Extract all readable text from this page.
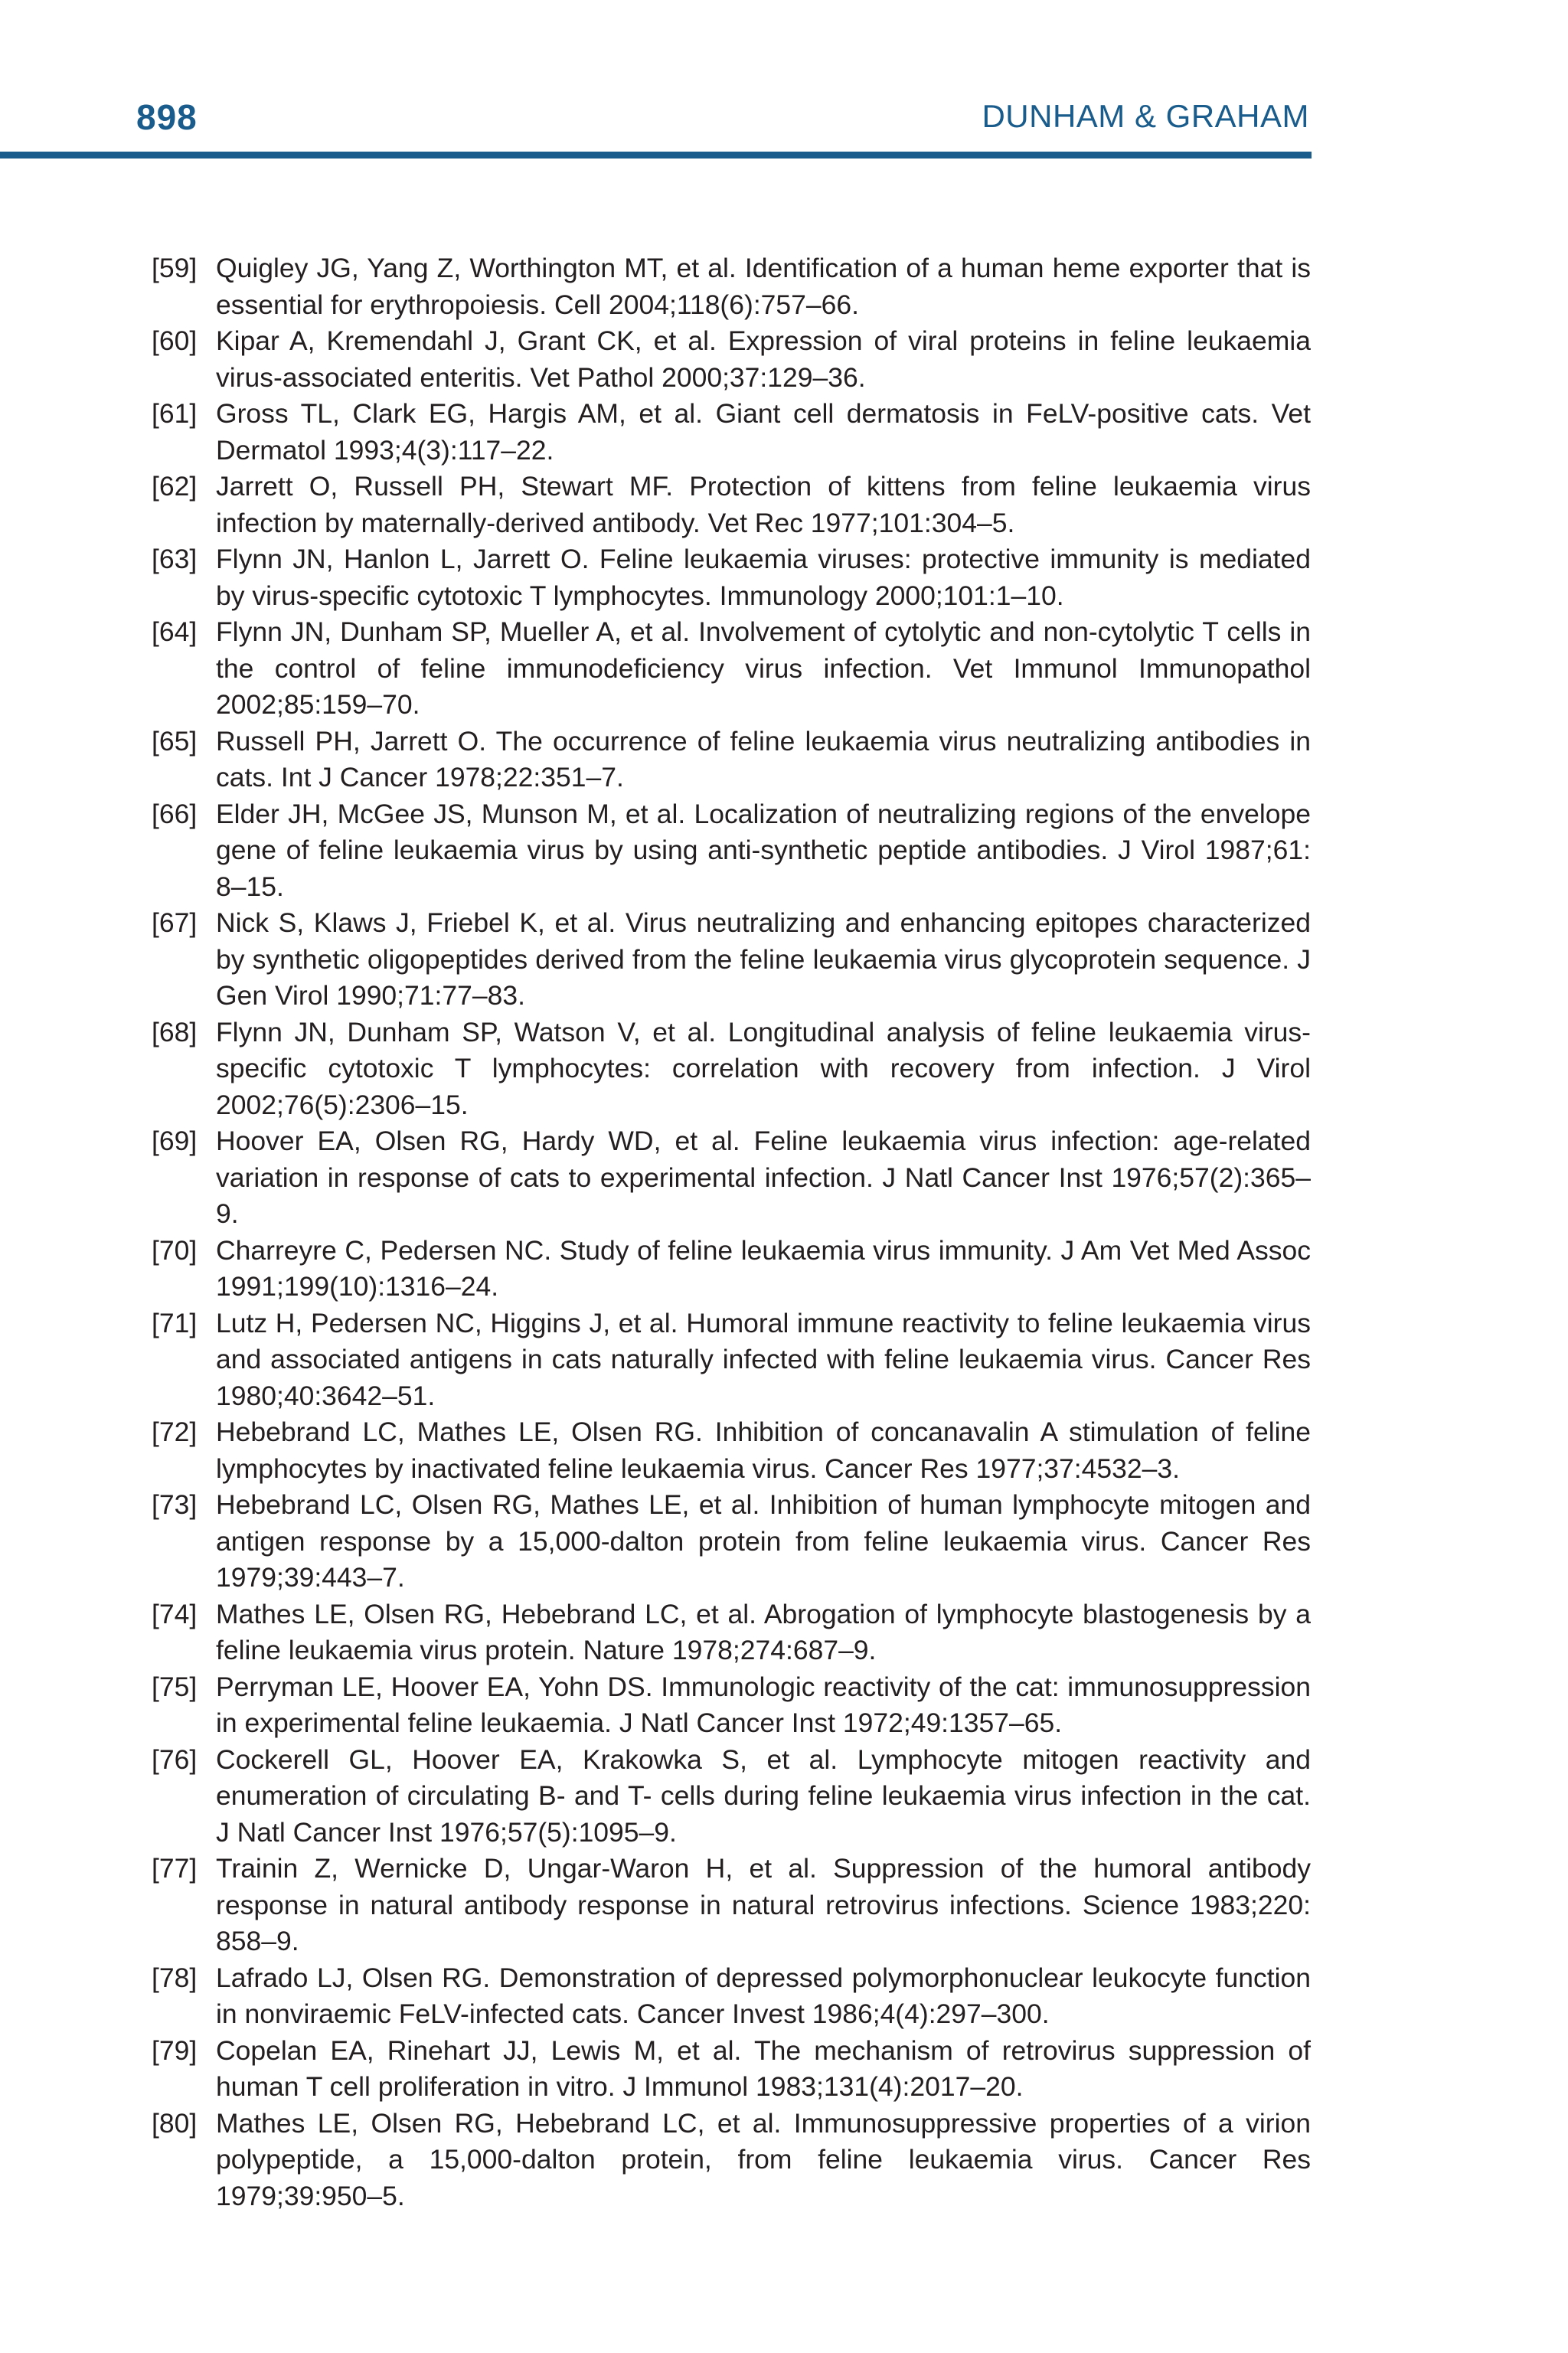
898	DUNHAM & GRAHAM
[59] Quigley JG, Yang Z, Worthington MT, et al. Identification of a human heme exporter that is essential for erythropoiesis. Cell 2004;118(6):757–66.
[60] Kipar A, Kremendahl J, Grant CK, et al. Expression of viral proteins in feline leukaemia virus-associated enteritis. Vet Pathol 2000;37:129–36.
[61] Gross TL, Clark EG, Hargis AM, et al. Giant cell dermatosis in FeLV-positive cats. Vet Dermatol 1993;4(3):117–22.
[62] Jarrett O, Russell PH, Stewart MF. Protection of kittens from feline leukaemia virus infection by maternally-derived antibody. Vet Rec 1977;101:304–5.
[63] Flynn JN, Hanlon L, Jarrett O. Feline leukaemia viruses: protective immunity is mediated by virus-specific cytotoxic T lymphocytes. Immunology 2000;101:1–10.
[64] Flynn JN, Dunham SP, Mueller A, et al. Involvement of cytolytic and non-cytolytic T cells in the control of feline immunodeficiency virus infection. Vet Immunol Immunopathol 2002;85:159–70.
[65] Russell PH, Jarrett O. The occurrence of feline leukaemia virus neutralizing antibodies in cats. Int J Cancer 1978;22:351–7.
[66] Elder JH, McGee JS, Munson M, et al. Localization of neutralizing regions of the envelope gene of feline leukaemia virus by using anti-synthetic peptide antibodies. J Virol 1987;61: 8–15.
[67] Nick S, Klaws J, Friebel K, et al. Virus neutralizing and enhancing epitopes characterized by synthetic oligopeptides derived from the feline leukaemia virus glycoprotein sequence. J Gen Virol 1990;71:77–83.
[68] Flynn JN, Dunham SP, Watson V, et al. Longitudinal analysis of feline leukaemia virus-specific cytotoxic T lymphocytes: correlation with recovery from infection. J Virol 2002;76(5):2306–15.
[69] Hoover EA, Olsen RG, Hardy WD, et al. Feline leukaemia virus infection: age-related variation in response of cats to experimental infection. J Natl Cancer Inst 1976;57(2):365–9.
[70] Charreyre C, Pedersen NC. Study of feline leukaemia virus immunity. J Am Vet Med Assoc 1991;199(10):1316–24.
[71] Lutz H, Pedersen NC, Higgins J, et al. Humoral immune reactivity to feline leukaemia virus and associated antigens in cats naturally infected with feline leukaemia virus. Cancer Res 1980;40:3642–51.
[72] Hebebrand LC, Mathes LE, Olsen RG. Inhibition of concanavalin A stimulation of feline lymphocytes by inactivated feline leukaemia virus. Cancer Res 1977;37:4532–3.
[73] Hebebrand LC, Olsen RG, Mathes LE, et al. Inhibition of human lymphocyte mitogen and antigen response by a 15,000-dalton protein from feline leukaemia virus. Cancer Res 1979;39:443–7.
[74] Mathes LE, Olsen RG, Hebebrand LC, et al. Abrogation of lymphocyte blastogenesis by a feline leukaemia virus protein. Nature 1978;274:687–9.
[75] Perryman LE, Hoover EA, Yohn DS. Immunologic reactivity of the cat: immunosuppression in experimental feline leukaemia. J Natl Cancer Inst 1972;49:1357–65.
[76] Cockerell GL, Hoover EA, Krakowka S, et al. Lymphocyte mitogen reactivity and enumeration of circulating B- and T- cells during feline leukaemia virus infection in the cat. J Natl Cancer Inst 1976;57(5):1095–9.
[77] Trainin Z, Wernicke D, Ungar-Waron H, et al. Suppression of the humoral antibody response in natural antibody response in natural retrovirus infections. Science 1983;220: 858–9.
[78] Lafrado LJ, Olsen RG. Demonstration of depressed polymorphonuclear leukocyte function in nonviraemic FeLV-infected cats. Cancer Invest 1986;4(4):297–300.
[79] Copelan EA, Rinehart JJ, Lewis M, et al. The mechanism of retrovirus suppression of human T cell proliferation in vitro. J Immunol 1983;131(4):2017–20.
[80] Mathes LE, Olsen RG, Hebebrand LC, et al. Immunosuppressive properties of a virion polypeptide, a 15,000-dalton protein, from feline leukaemia virus. Cancer Res 1979;39:950–5.
